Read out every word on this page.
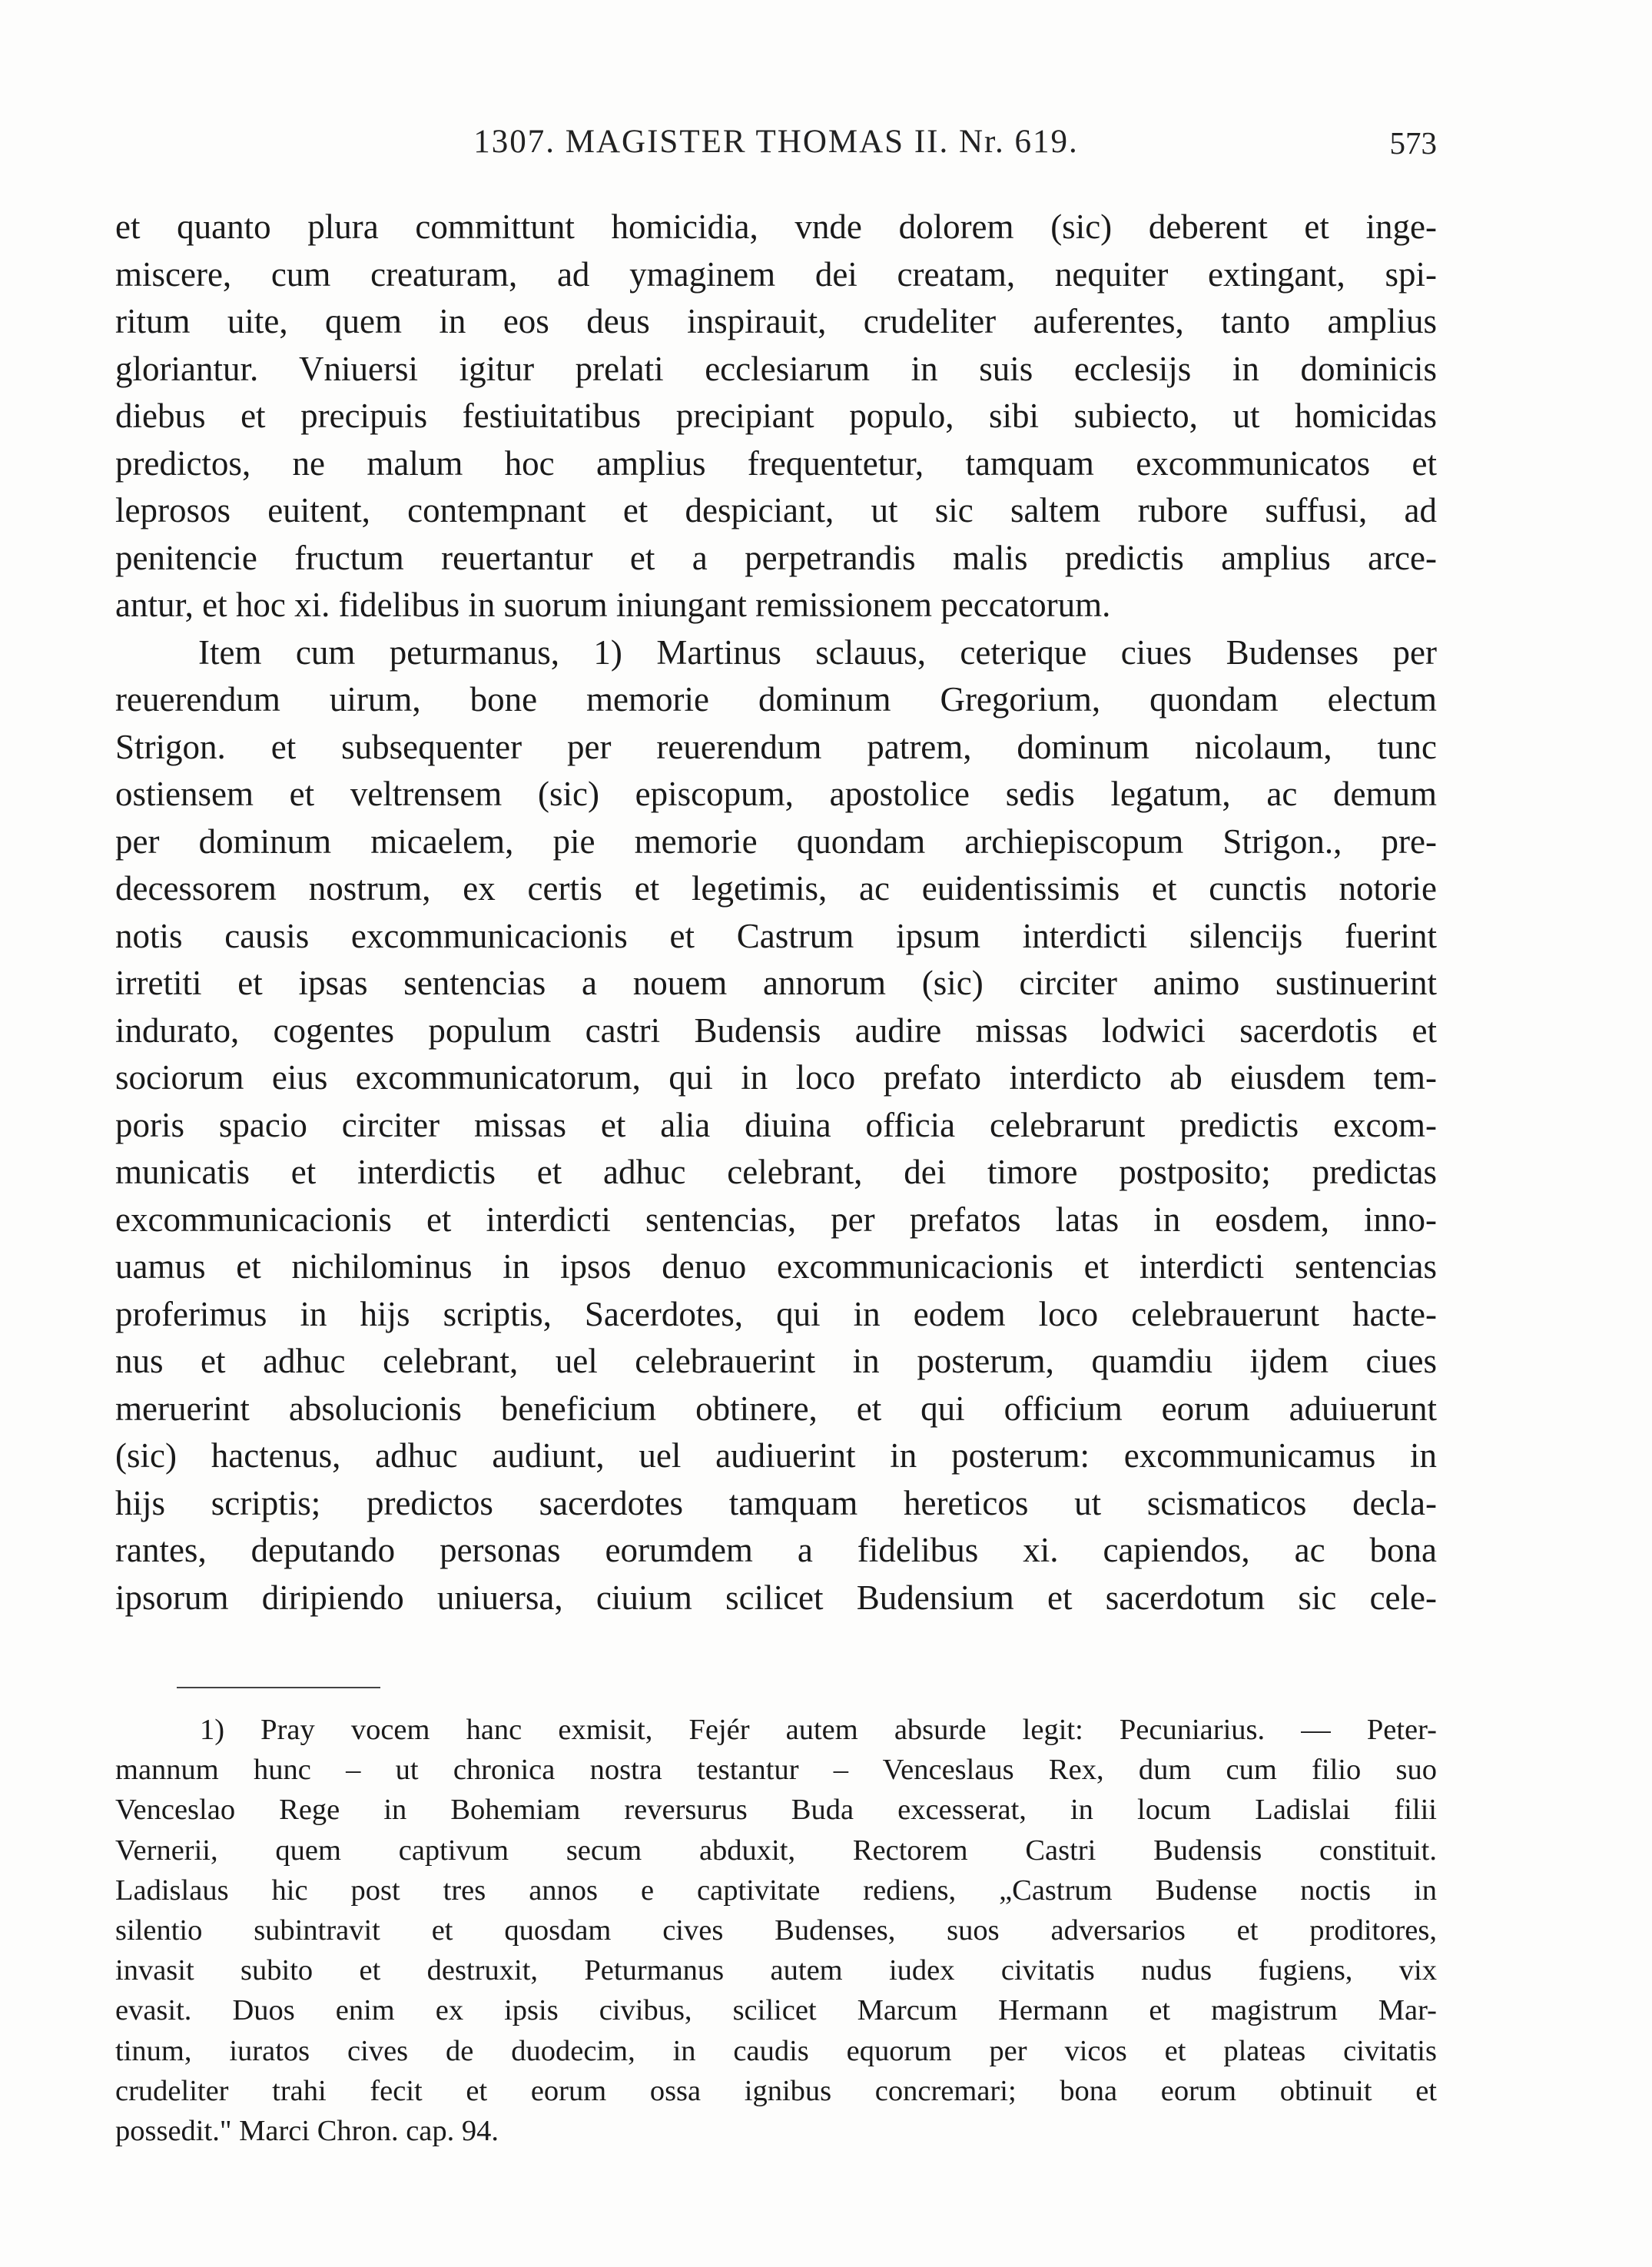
1307. MAGISTER THOMAS II. Nr. 619.	573
et quanto plura committunt homicidia, vnde dolorem (sic) deberent et inge-
miscere, cum creaturam, ad ymaginem dei creatam, nequiter extingant, spi-
ritum uite, quem in eos deus inspirauit, crudeliter auferentes, tanto amplius
gloriantur. Vniuersi igitur prelati ecclesiarum in suis ecclesijs in dominicis
diebus et precipuis festiuitatibus precipiant populo, sibi subiecto, ut homicidas
predictos, ne malum hoc amplius frequentetur, tamquam excommunicatos et
leprosos euitent, contempnant et despiciant, ut sic saltem rubore suffusi, ad
penitencie fructum reuertantur et a perpetrandis malis predictis amplius arce-
antur, et hoc xi. fidelibus in suorum iniungant remissionem peccatorum.
Item cum peturmanus, 1) Martinus sclauus, ceterique ciues Budenses per
reuerendum uirum, bone memorie dominum Gregorium, quondam electum
Strigon. et subsequenter per reuerendum patrem, dominum nicolaum, tunc
ostiensem et veltrensem (sic) episcopum, apostolice sedis legatum, ac demum
per dominum micaelem, pie memorie quondam archiepiscopum Strigon., pre-
decessorem nostrum, ex certis et legetimis, ac euidentissimis et cunctis notorie
notis causis excommunicacionis et Castrum ipsum interdicti silencijs fuerint
irretiti et ipsas sentencias a nouem annorum (sic) circiter animo sustinuerint
indurato, cogentes populum castri Budensis audire missas lodwici sacerdotis et
sociorum eius excommunicatorum, qui in loco prefato interdicto ab eiusdem tem-
poris spacio circiter missas et alia diuina officia celebrarunt predictis excom-
municatis et interdictis et adhuc celebrant, dei timore postposito; predictas
excommunicacionis et interdicti sentencias, per prefatos latas in eosdem, inno-
uamus et nichilominus in ipsos denuo excommunicacionis et interdicti sentencias
proferimus in hijs scriptis, Sacerdotes, qui in eodem loco celebrauerunt hacte-
nus et adhuc celebrant, uel celebrauerint in posterum, quamdiu ijdem ciues
meruerint absolucionis beneficium obtinere, et qui officium eorum aduiuerunt
(sic) hactenus, adhuc audiunt, uel audiuerint in posterum: excommunicamus in
hijs scriptis; predictos sacerdotes tamquam hereticos ut scismaticos decla-
rantes, deputando personas eorumdem a fidelibus xi. capiendos, ac bona
ipsorum diripiendo uniuersa, ciuium scilicet Budensium et sacerdotum sic cele-
1) Pray vocem hanc exmisit, Fejér autem absurde legit: Pecuniarius. — Peter-
mannum hunc – ut chronica nostra testantur – Venceslaus Rex, dum cum filio suo
Venceslao Rege in Bohemiam reversurus Buda excesserat, in locum Ladislai filii
Vernerii, quem captivum secum abduxit, Rectorem Castri Budensis constituit.
Ladislaus hic post tres annos e captivitate rediens, „Castrum Budense noctis in
silentio subintravit et quosdam cives Budenses, suos adversarios et proditores,
invasit subito et destruxit, Peturmanus autem iudex civitatis nudus fugiens, vix
evasit. Duos enim ex ipsis civibus, scilicet Marcum Hermann et magistrum Mar-
tinum, iuratos cives de duodecim, in caudis equorum per vicos et plateas civitatis
crudeliter trahi fecit et eorum ossa ignibus concremari; bona eorum obtinuit et
possedit." Marci Chron. cap. 94.
